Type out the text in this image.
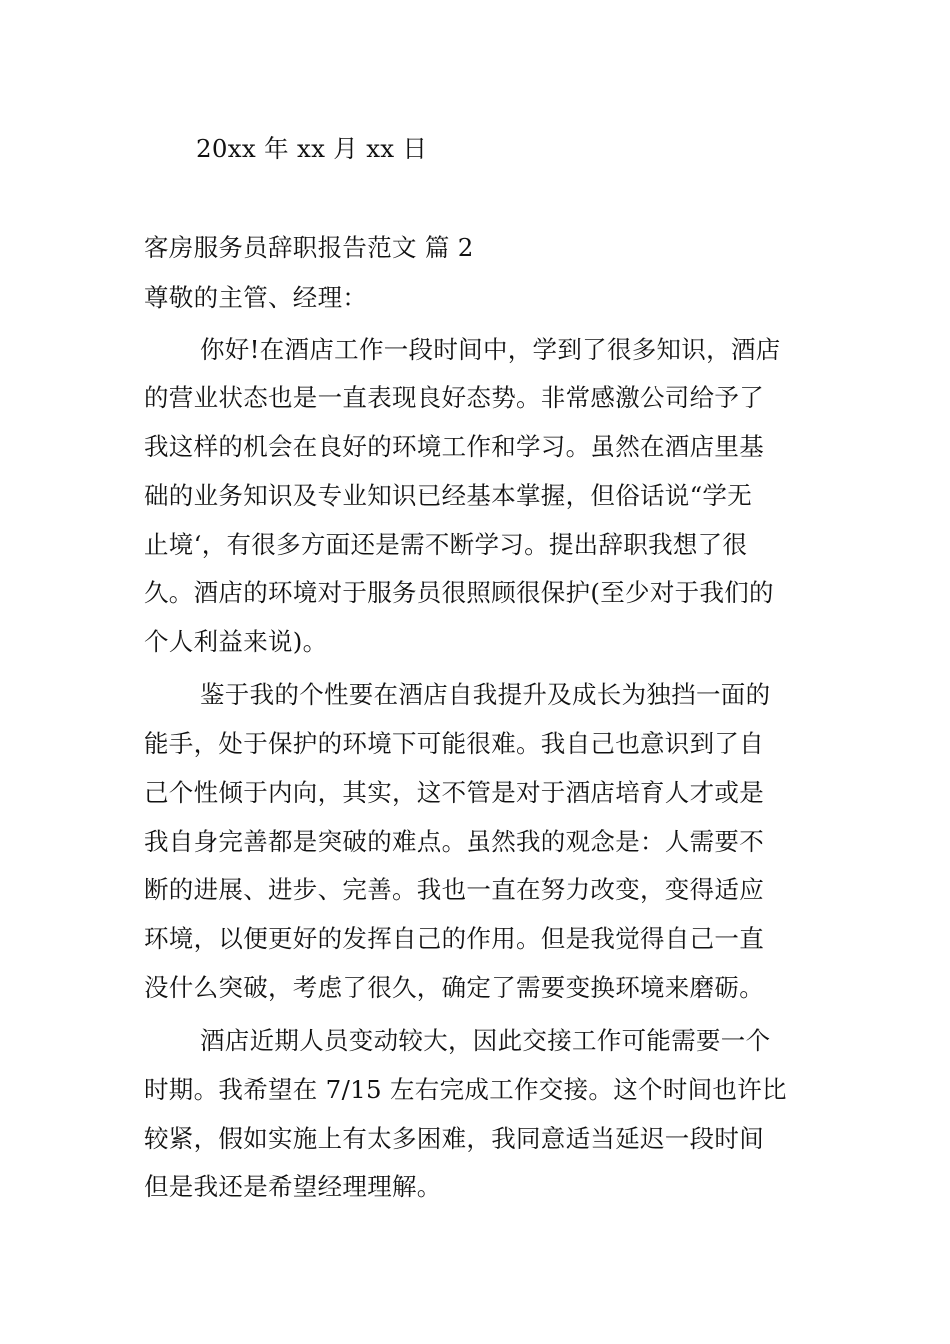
20xx 年 xx 月 xx 日
客房服务员辞职报告范文 篇 2
尊敬的主管、经理：
你好!在酒店工作一段时间中，学到了很多知识，酒店
的营业状态也是一直表现良好态势。非常感激公司给予了
我这样的机会在良好的环境工作和学习。虽然在酒店里基
础的业务知识及专业知识已经基本掌握，但俗话说“学无
止境‘，有很多方面还是需不断学习。提出辞职我想了很
久。酒店的环境对于服务员很照顾很保护(至少对于我们的
个人利益来说)。
鉴于我的个性要在酒店自我提升及成长为独挡一面的
能手，处于保护的环境下可能很难。我自己也意识到了自
己个性倾于内向，其实，这不管是对于酒店培育人才或是
我自身完善都是突破的难点。虽然我的观念是：人需要不
断的进展、进步、完善。我也一直在努力改变，变得适应
环境，以便更好的发挥自己的作用。但是我觉得自己一直
没什么突破，考虑了很久，确定了需要变换环境来磨砺。
酒店近期人员变动较大，因此交接工作可能需要一个
时期。我希望在 7/15 左右完成工作交接。这个时间也许比
较紧，假如实施上有太多困难，我同意适当延迟一段时间
但是我还是希望经理理解。
